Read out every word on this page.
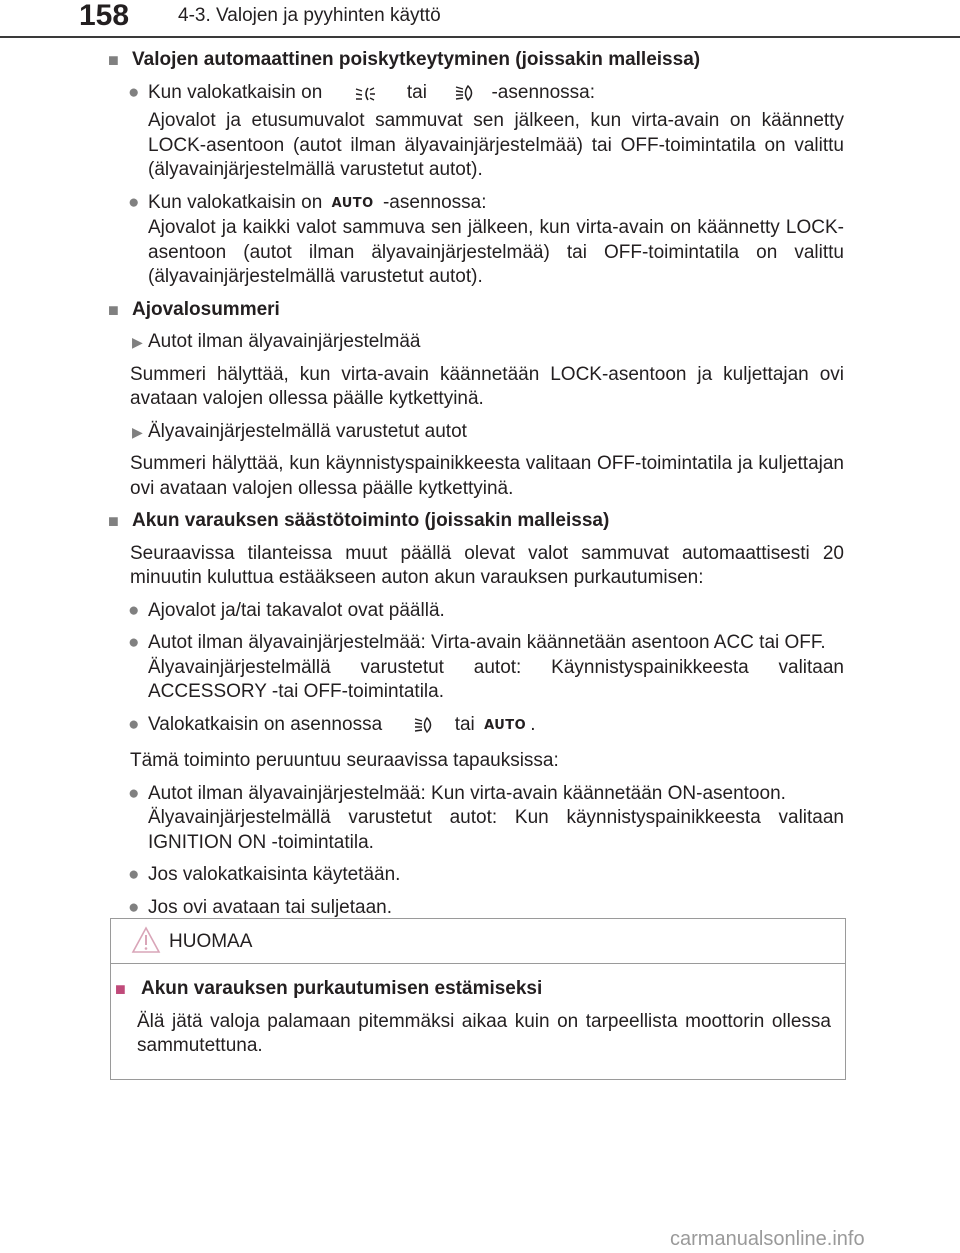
158	4-3. Valojen ja pyyhinten käyttö
■ Valojen automaattinen poiskytkeytyminen (joissakin malleissa)
● Kun valokatkaisin on	tai	-asennossa:
Ajovalot ja etusumuvalot sammuvat sen jälkeen, kun virta-avain on käännetty LOCK-asentoon (autot ilman älyavainjärjestelmää) tai OFF-toimintatila on valittu (älyavainjärjestelmällä varustetut autot).
● Kun valokatkaisin on AUTO -asennossa:
Ajovalot ja kaikki valot sammuva sen jälkeen, kun virta-avain on käännetty LOCK-asentoon (autot ilman älyavainjärjestelmää) tai OFF-toimintatila on valittu (älyavainjärjestelmällä varustetut autot).
■ Ajovalosummeri
▶ Autot ilman älyavainjärjestelmää
Summeri hälyttää, kun virta-avain käännetään LOCK-asentoon ja kuljettajan ovi avataan valojen ollessa päälle kytkettyinä.
▶ Älyavainjärjestelmällä varustetut autot
Summeri hälyttää, kun käynnistyspainikkeesta valitaan OFF-toimintatila ja kuljettajan ovi avataan valojen ollessa päälle kytkettyinä.
■ Akun varauksen säästötoiminto (joissakin malleissa)
Seuraavissa tilanteissa muut päällä olevat valot sammuvat automaattisesti 20 minuutin kuluttua estääkseen auton akun varauksen purkautumisen:
● Ajovalot ja/tai takavalot ovat päällä.
● Autot ilman älyavainjärjestelmää: Virta-avain käännetään asentoon ACC tai OFF.
Älyavainjärjestelmällä varustetut autot: Käynnistyspainikkeesta valitaan ACCESSORY -tai OFF-toimintatila.
● Valokatkaisin on asennossa	tai AUTO .
Tämä toiminto peruuntuu seuraavissa tapauksissa:
● Autot ilman älyavainjärjestelmää: Kun virta-avain käännetään ON-asentoon.
Älyavainjärjestelmällä varustetut autot: Kun käynnistyspainikkeesta valitaan IGNITION ON -toimintatila.
● Jos valokatkaisinta käytetään.
● Jos ovi avataan tai suljetaan.
HUOMAA
■ Akun varauksen purkautumisen estämiseksi
Älä jätä valoja palamaan pitemmäksi aikaa kuin on tarpeellista moottorin ollessa sammutettuna.
carmanualsonline.info
